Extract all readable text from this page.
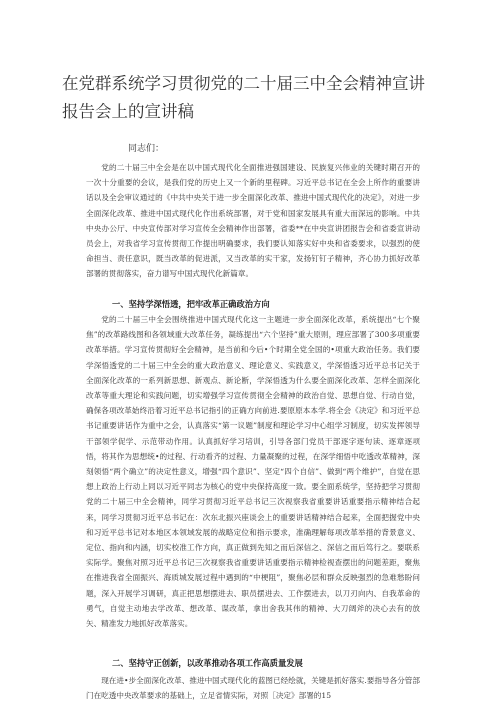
在党群系统学习贯彻党的二十届三中全会精神宣讲
报告会上的宣讲稿
同志们：

党的二十届三中全会是在以中国式现代化全面推进强国建设、民族复兴伟业的关键时期召开的一次十分重要的会议，是我们党的历史上又一个新的里程碑。习近平总书记在全会上所作的重要讲话以及全会审议通过的《中共中央关于进一步全面深化改革、推进中国式现代化的决定》，对进一步全面深化改革、推进中国式现代化作出系统部署，对于党和国家发展具有重大而深远的影响。中共中央办公厅、中央宣传部对学习宣传全会精神作出部署，省委**在中央宣讲团报告会和省委宣讲动员会上，对我省学习宣传贯彻工作提出明确要求，我们要认知落实好中央和省委要求，以强烈的使命担当、责任意识，既当改革的促进派，又当改革的实干家，发扬钉钉子精神，齐心协力抓好改革部署的贯彻落实，奋力谱写中国式现代化新篇章。

一、坚持学深悟透，把牢改革正确政治方向

党的二十届三中全会围绕推进中国式现代化这一主题进一步全面深化改革，系统提出“七个聚焦”的改革路线图和各领域重大改革任务，凝练提出“六个坚持”重大原则，理应部署了300多项重要改革举措。学习宣传贯彻好全会精神，是当前和今后•个时期全党全国的•项重大政治任务。我们要学深悟透党的二十届三中全会的重大政治意义、理论意义、实践意义，学深悟透习近平总书记关于全面深化改革的一系列新思想、新观点、新论断，学深悟透为什么要全面深化改革、怎样全面深化改革等重大理论和实践问题，切实增强学习宣传贯彻全会精神的政治自觉、思想自觉、行动自觉，确保各项改革始终沿着习近平总书记指引的正确方向前进.要原原本本学.将全会《决定》和习近平总书记重要讲话作为重中之会，认真落实“第一议题”制度和理论学习中心组学习制度，切实发挥领导干部领学促学、示范带动作用。认真抓好学习培训，引导各部门党员干部逐字逐句读、逐章逐项悟，将其作为思想统•的过程、行动看齐的过程、力量凝聚的过程，在深学细悟中吃透改革精神，深刻领悟“两个确立”的决定性意义，增强“四个意识”、坚定“四个自信”、做到“两个维护”，自觉在思想上政治上行动上同以习近平同志为核心的党中央保持高度一致。要全面系统学，坚持把学习贯彻党的二十届三中全会精神，同学习贯彻习近平总书记三次视察我省重要讲话重要指示精神结合起来，同学习贯彻习近平总书记在：次东北振兴座谈会上的重要讲话精神结合起来，全面把握党中央和习近平总书记对本地区本领域发展的战略定位和指示要求，准确理解每项改革举措的背景意义、定位、指向和内涵，切实校准工作方向，真正做到先知之而后深信之、深信之而后笃行之。要联系实际学。聚焦对照习近平总书记三次视察我省重要讲话重要指示精神检视查摆出的问题差距，聚焦在推进我省全面振兴、海质城发展过程中遇到的“中梗阻”，聚焦必层和群众反映强烈的急难愁盼问题，深入开展学习调研，真正把思想摆进去、职员摆进去、工作摆进去，以刀刃向内、自我革命的勇气，自觉主动地去学改革、想改革、谋改革，拿出舍我其伟的精神、大刀阔斧的决心去有的放矢、精准发力地抓好改革落实。

二、坚持守正创新，以改革推动各项工作高质量发展

现在进•步全面深化改革、推进中国式现代化的蓝图已经绘就，关键是抓好落实.要指导各分管部门在吃透中央改革要求的基础上，立足省情实际，对照［决定》部署的15
